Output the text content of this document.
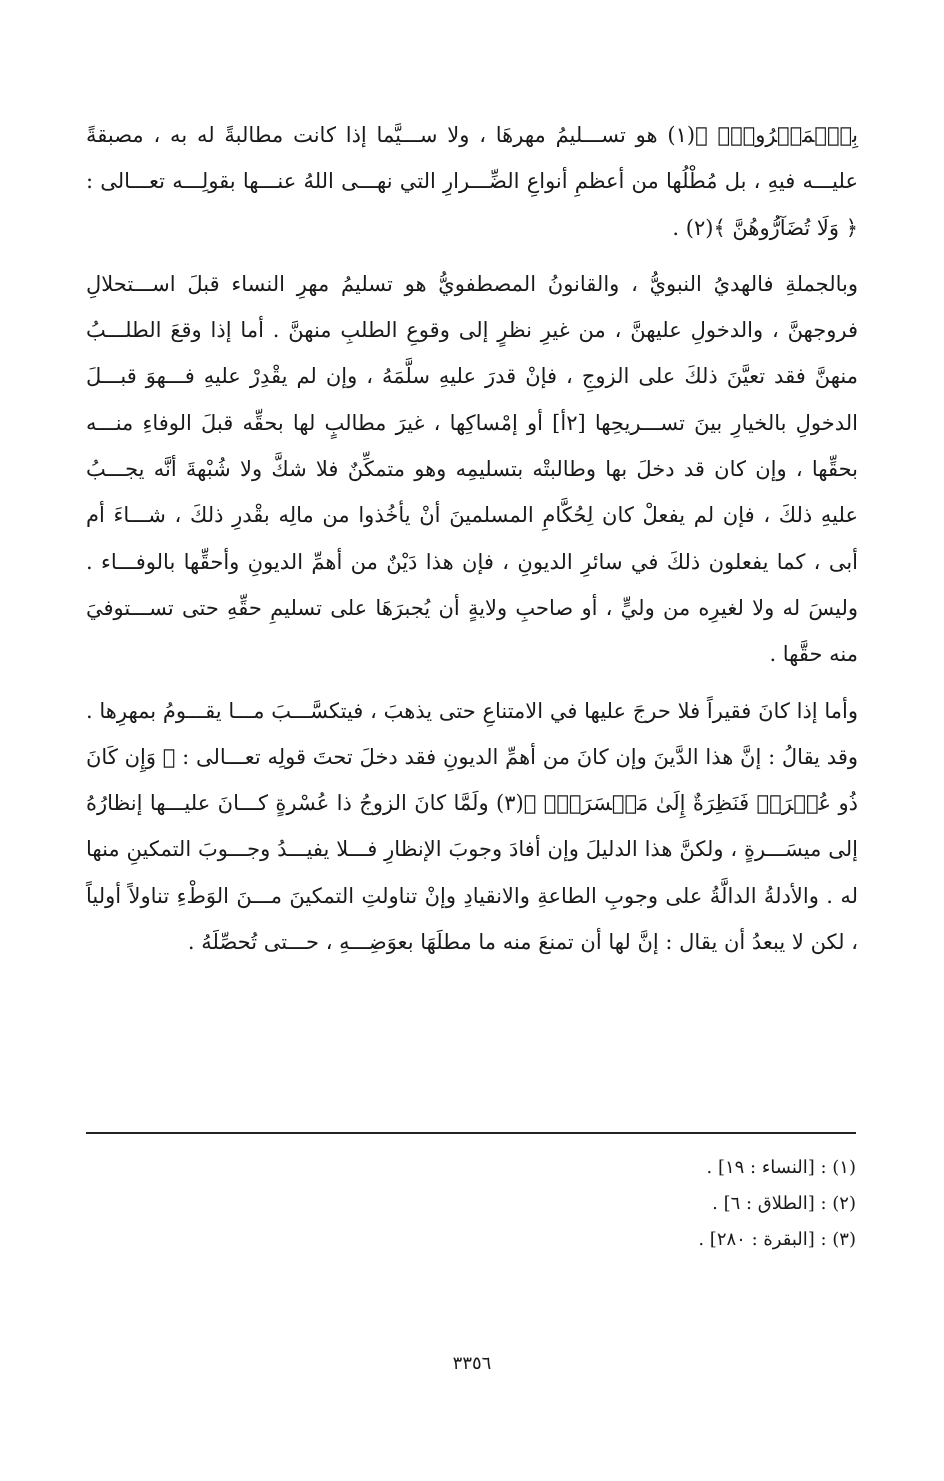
بِٱلۡمَعۡرُوفِۚ ﴾(١) هو تســـليمُ مهرهَا ، ولا ســـيَّما إذا كانت مطالبةً له به ، مصبقةً عليـــه فيهِ ، بل مُطْلُها من أعظمِ أنواعِ الضِّـــرارِ التي نهـــى اللهُ عنـــها بقولِـــه تعـــالى : ﴿ وَلَا تُضَآرُّوهُنَّ ﴾(٢) .

وبالجملةِ فالهديُ النبويُّ ، والقانونُ المصطفويُّ هو تسليمُ مهرِ النساء قبلَ اســـتحلالِ فروجهنَّ ، والدخولِ عليهنَّ ، من غيرِ نظرٍ إلى وقوعِ الطلبِ منهنَّ . أما إذا وقعَ الطلـــبُ منهنَّ فقد تعيَّنَ ذلكَ على الزوجِ ، فإنْ قدرَ عليهِ سلَّمَهُ ، وإن لم يقْدِرْ عليهِ فـــهوَ قبـــلَ الدخولِ بالخيارِ بينَ تســـريحِها [٢أ] أو إمْساكِها ، غيرَ مطالبٍ لها بحقِّه قبلَ الوفاءِ منـــه بحقِّها ، وإن كان قد دخلَ بها وطالبتْه بتسليمِه وهو متمكِّنٌ فلا شكَّ ولا شُبْهةَ أنَّه يجـــبُ عليهِ ذلكَ ، فإن لم يفعلْ كان لِحُكَّامِ المسلمينَ أنْ يأخُذوا من مالِه بقْدرِ ذلكَ ، شـــاءَ أم أبى ، كما يفعلون ذلكَ في سائرِ الديونِ ، فإن هذا دَيْنٌ من أهمِّ الديونِ وأحقِّها بالوفـــاء . وليسَ له ولا لغيرِه من وليٍّ ، أو صاحبِ ولايةٍ أن يُجبرَهَا على تسليمِ حقِّهِ حتى تســـتوفيَ منه حقَّها .

وأما إذا كانَ فقيراً فلا حرجَ عليها في الامتناعِ حتى يذهبَ ، فيتكسَّـــبَ مـــا يقـــومُ بمهرِها . وقد يقالُ : إنَّ هذا الدَّينَ وإن كانَ من أهمِّ الديونِ فقد دخلَ تحتَ قولِه تعـــالى : ﴿ وَإِن كَانَ ذُو عُسۡرَةٖ فَنَظِرَةٌ إِلَىٰ مَيۡسَرَةٖۚ ﴾(٣) ولَمَّا كانَ الزوجُ ذا عُسْرةٍ كـــانَ عليـــها إنظارُهُ إلى ميسَـــرةٍ ، ولكنَّ هذا الدليلَ وإن أفادَ وجوبَ الإنظارِ فـــلا يفيـــدُ وجـــوبَ التمكينِ منها له . والأدلةُ الدالَّةُ على وجوبِ الطاعةِ والانقيادِ وإنْ تناولتِ التمكينَ مـــنَ الوَطْءِ تناولاً أولياً ، لكن لا يبعدُ أن يقال : إنَّ لها أن تمنعَ منه ما مطلَهَا بعوَضِـــهِ ، حـــتى تُحصِّلَهُ .

(١) : [النساء : ١٩] .

(٢) : [الطلاق : ٦] .

(٣) : [البقرة : ٢٨٠] .

٣٣٥٦
